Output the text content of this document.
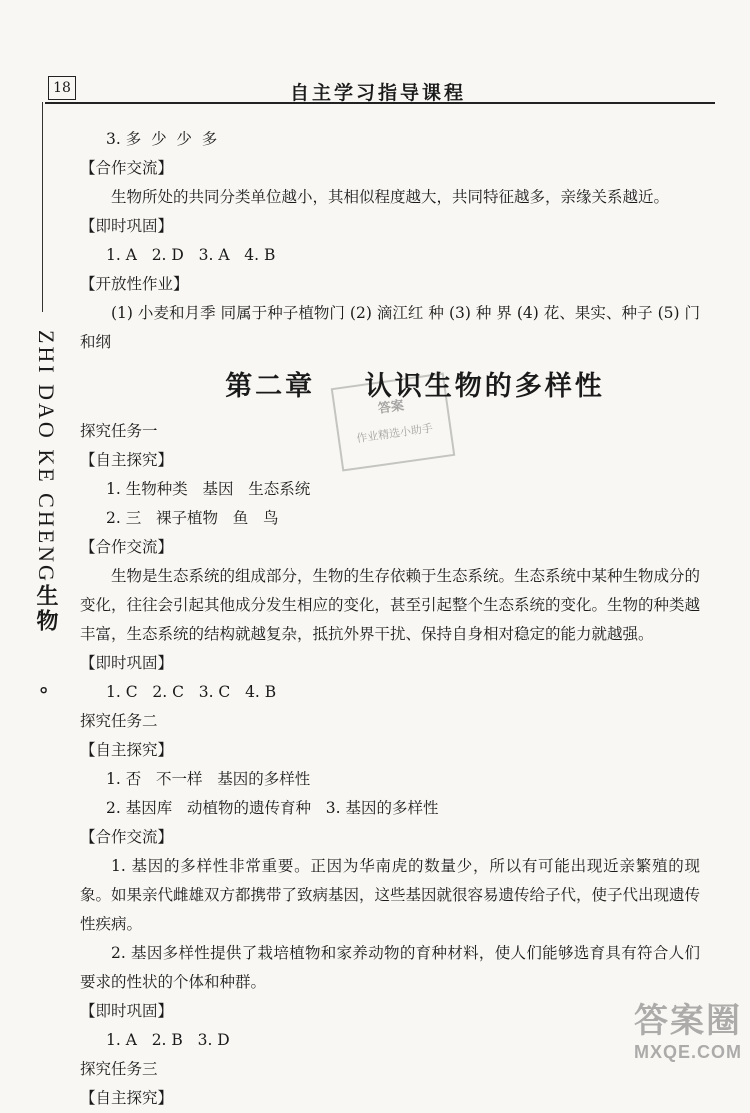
18	自主学习指导课程
ZHI DAO KE CHENG生物
。
答案
作业精选小助手
3. 多  少  少  多
【合作交流】
生物所处的共同分类单位越小，其相似程度越大，共同特征越多，亲缘关系越近。
【即时巩固】
1. A   2. D   3. A   4. B
【开放性作业】
(1) 小麦和月季 同属于种子植物门 (2) 滴江红 种 (3) 种 界 (4) 花、果实、种子 (5) 门和纲
第二章    认识生物的多样性
探究任务一
【自主探究】
1. 生物种类   基因   生态系统
2. 三   裸子植物   鱼   鸟
【合作交流】
生物是生态系统的组成部分，生物的生存依赖于生态系统。生态系统中某种生物成分的变化，往往会引起其他成分发生相应的变化，甚至引起整个生态系统的变化。生物的种类越丰富，生态系统的结构就越复杂，抵抗外界干扰、保持自身相对稳定的能力就越强。
【即时巩固】
1. C   2. C   3. C   4. B
探究任务二
【自主探究】
1. 否   不一样   基因的多样性
2. 基因库   动植物的遗传育种   3. 基因的多样性
【合作交流】
1. 基因的多样性非常重要。正因为华南虎的数量少，所以有可能出现近亲繁殖的现象。如果亲代雌雄双方都携带了致病基因，这些基因就很容易遗传给子代，使子代出现遗传性疾病。
2. 基因多样性提供了栽培植物和家养动物的育种材料，使人们能够选育具有符合人们要求的性状的个体和种群。
【即时巩固】
1. A   2. B   3. D
探究任务三
【自主探究】
答案圈
MXQE.COM
